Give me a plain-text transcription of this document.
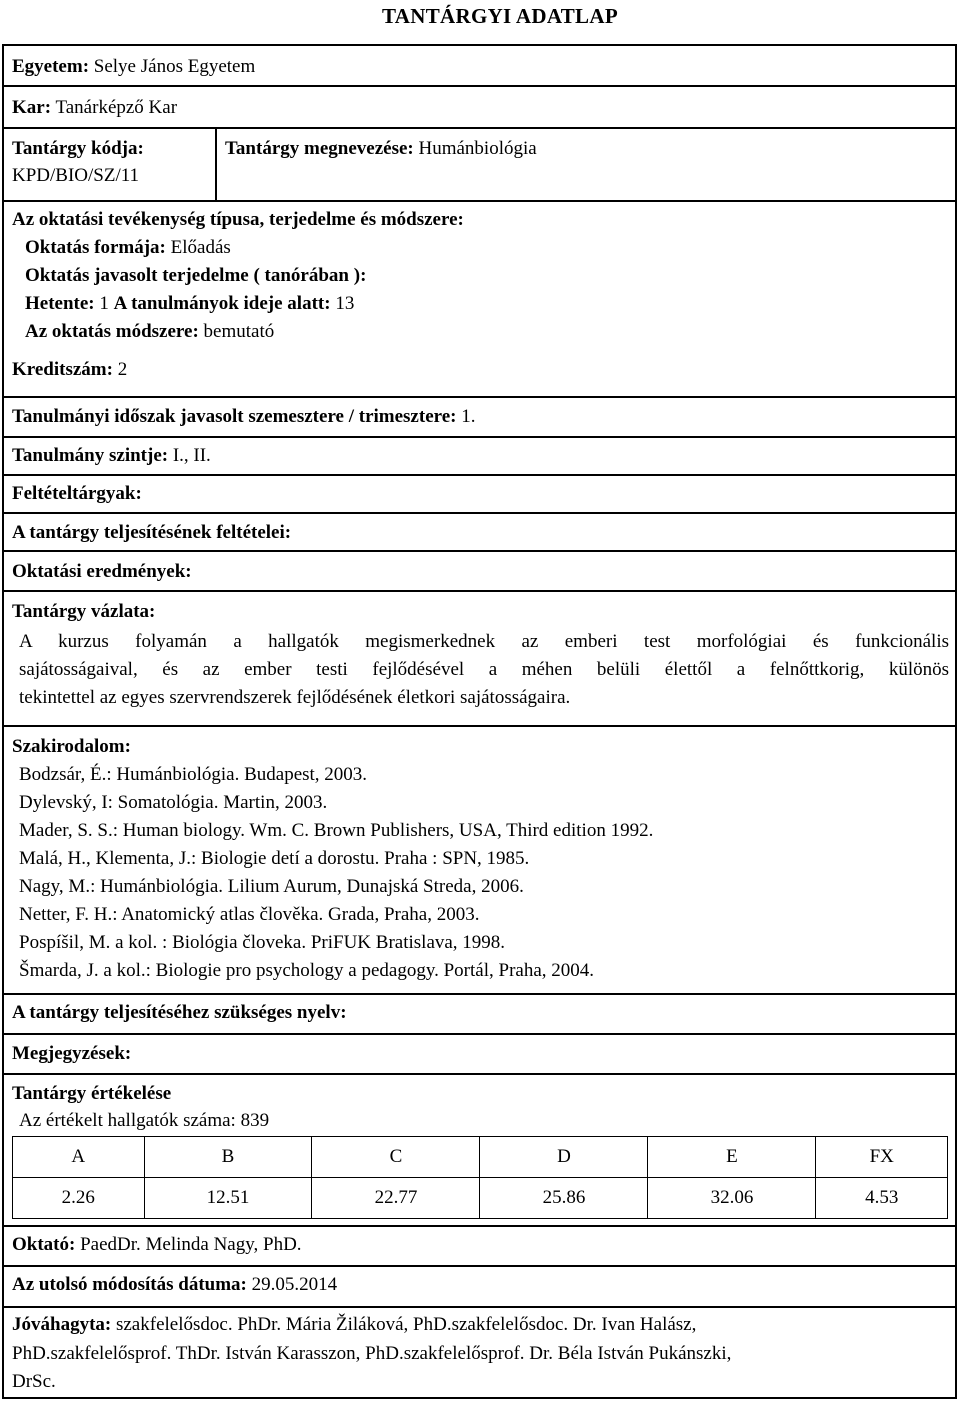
TANTÁRGYI ADATLAP
Egyetem: Selye János Egyetem
Kar: Tanárképző Kar
Tantárgy kódja:
KPD/BIO/SZ/11
Tantárgy megnevezése: Humánbiológia
Az oktatási tevékenység típusa, terjedelme és módszere:
Oktatás formája: Előadás
Oktatás javasolt terjedelme ( tanórában ):
Hetente: 1 A tanulmányok ideje alatt: 13
Az oktatás módszere: bemutató
Kreditszám: 2
Tanulmányi időszak javasolt szemesztere / trimesztere: 1.
Tanulmány szintje: I., II.
Feltételtárgyak:
A tantárgy teljesítésének feltételei:
Oktatási eredmények:
Tantárgy vázlata:
A kurzus folyamán a hallgatók megismerkednek az emberi test morfológiai és funkcionális
sajátosságaival, és az ember testi fejlődésével a méhen belüli élettől a felnőttkorig, különös
tekintettel az egyes szervrendszerek fejlődésének életkori sajátosságaira.
Szakirodalom:
Bodzsár, É.: Humánbiológia. Budapest, 2003.
Dylevský, I: Somatológia. Martin, 2003.
Mader, S. S.: Human biology. Wm. C. Brown Publishers, USA, Third edition 1992.
Malá, H., Klementa, J.: Biologie detí a dorostu. Praha : SPN, 1985.
Nagy, M.: Humánbiológia. Lilium Aurum, Dunajská Streda, 2006.
Netter, F. H.: Anatomický atlas člověka. Grada, Praha, 2003.
Pospíšil, M. a kol. : Biológia človeka. PriFUK Bratislava, 1998.
Šmarda, J. a kol.: Biologie pro psychology a pedagogy. Portál, Praha, 2004.
A tantárgy teljesítéséhez szükséges nyelv:
Megjegyzések:
Tantárgy értékelése
Az értékelt hallgatók száma: 839
A	B	C	D	E	FX
2.26	12.51	22.77	25.86	32.06	4.53
Oktató: PaedDr. Melinda Nagy, PhD.
Az utolsó módosítás dátuma: 29.05.2014
Jóváhagyta: szakfelelősdoc. PhDr. Mária Žiláková, PhD.szakfelelősdoc. Dr. Ivan Halász,
PhD.szakfelelősprof. ThDr. István Karasszon, PhD.szakfelelősprof. Dr. Béla István Pukánszki,
DrSc.
